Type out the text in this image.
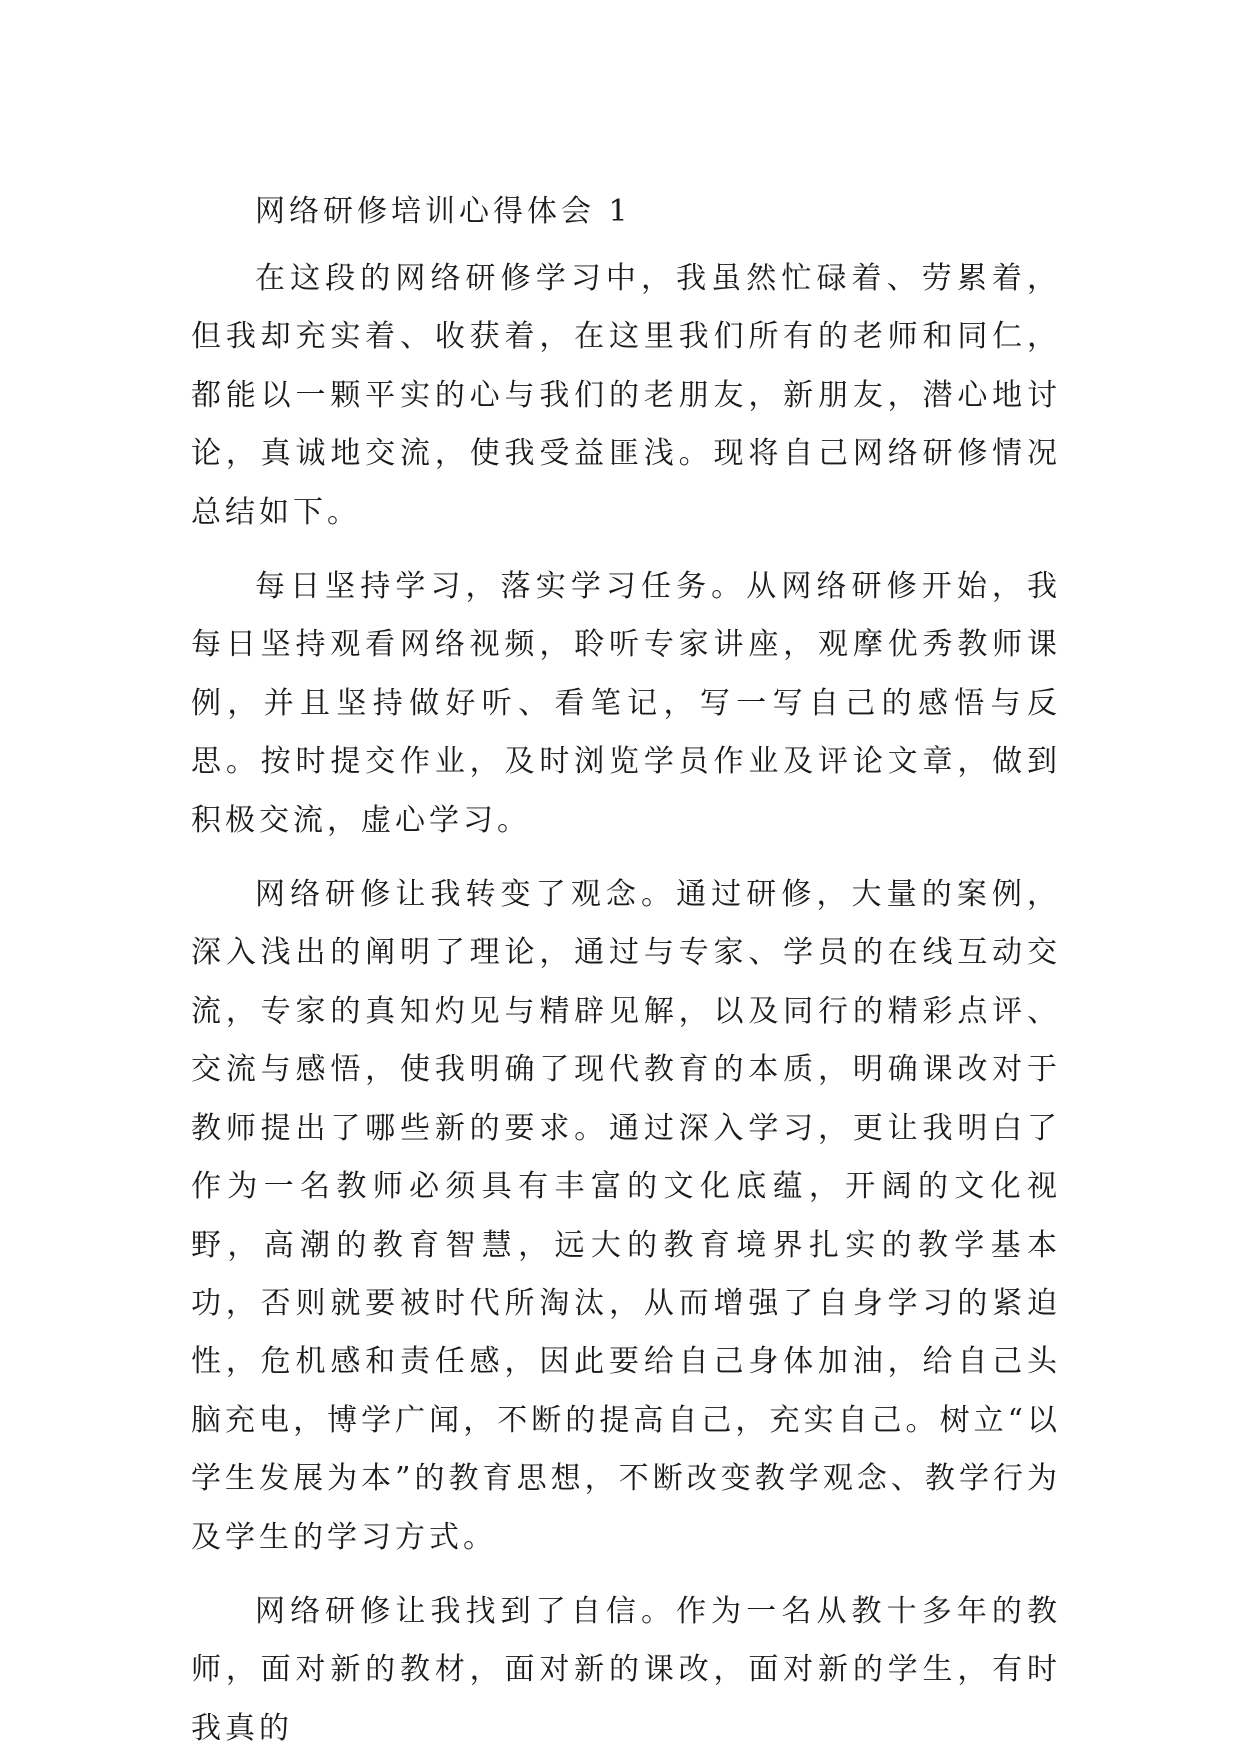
网络研修培训心得体会 1

在这段的网络研修学习中，我虽然忙碌着、劳累着，但我却充实着、收获着，在这里我们所有的老师和同仁，都能以一颗平实的心与我们的老朋友，新朋友，潜心地讨论，真诚地交流，使我受益匪浅。现将自己网络研修情况总结如下。

每日坚持学习，落实学习任务。从网络研修开始，我每日坚持观看网络视频，聆听专家讲座，观摩优秀教师课例，并且坚持做好听、看笔记，写一写自己的感悟与反思。按时提交作业，及时浏览学员作业及评论文章，做到积极交流，虚心学习。

网络研修让我转变了观念。通过研修，大量的案例，深入浅出的阐明了理论，通过与专家、学员的在线互动交流，专家的真知灼见与精辟见解，以及同行的精彩点评、交流与感悟，使我明确了现代教育的本质，明确课改对于教师提出了哪些新的要求。通过深入学习，更让我明白了作为一名教师必须具有丰富的文化底蕴，开阔的文化视野，高潮的教育智慧，远大的教育境界扎实的教学基本功，否则就要被时代所淘汰，从而增强了自身学习的紧迫性，危机感和责任感，因此要给自己身体加油，给自己头脑充电，博学广闻，不断的提高自己，充实自己。树立“以学生发展为本”的教育思想，不断改变教学观念、教学行为及学生的学习方式。

网络研修让我找到了自信。作为一名从教十多年的教师，面对新的教材，面对新的课改，面对新的学生，有时我真的
